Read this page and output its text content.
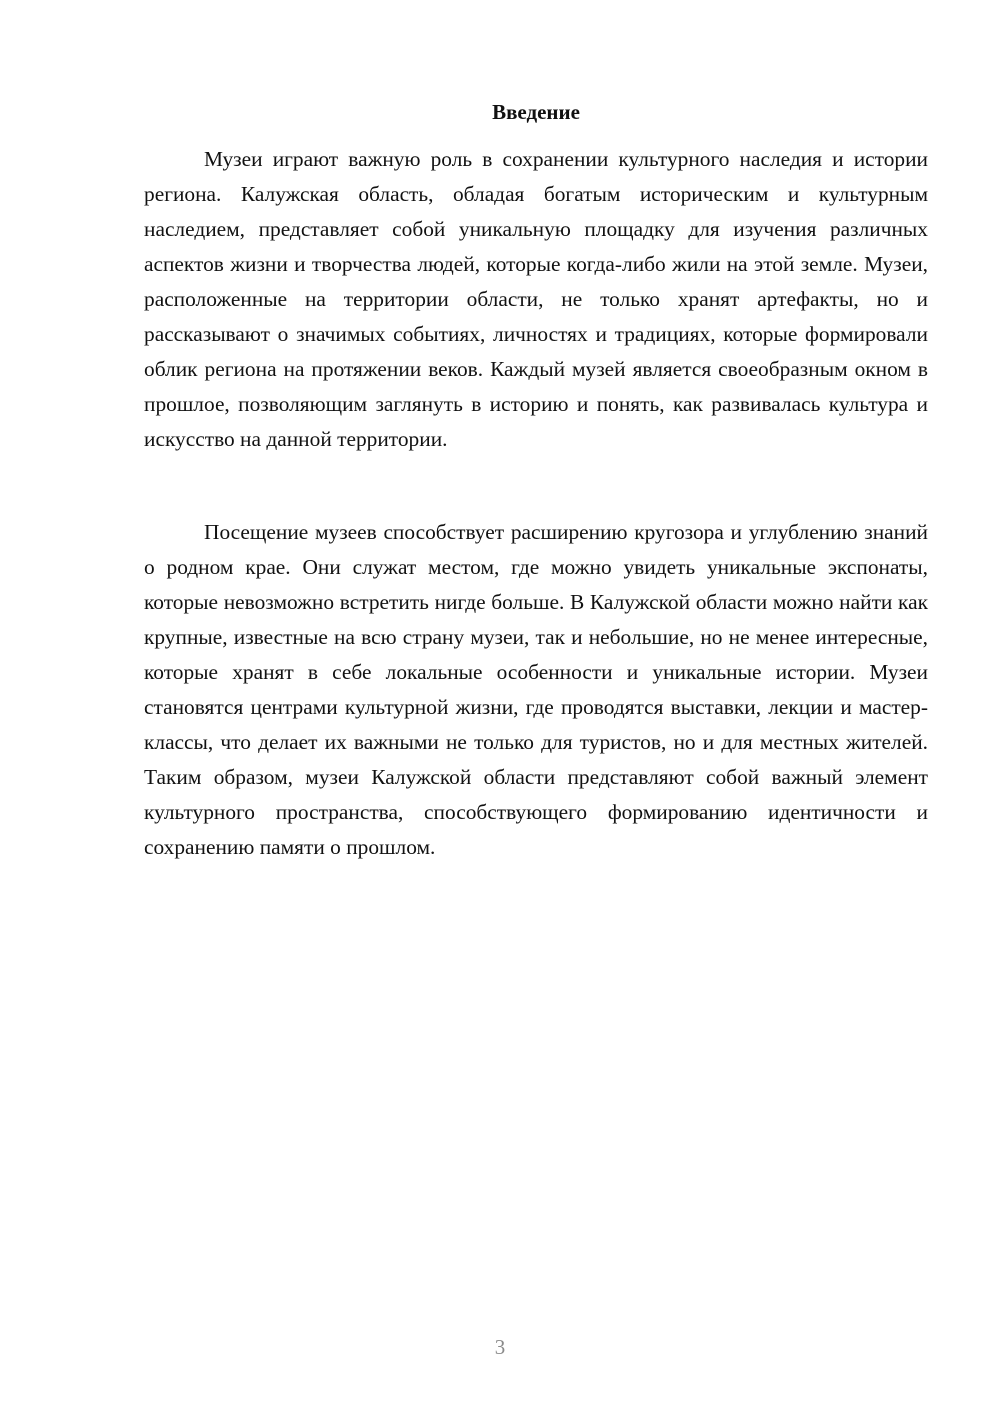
Введение

Музеи играют важную роль в сохранении культурного наследия и истории региона. Калужская область, обладая богатым историческим и культурным наследием, представляет собой уникальную площадку для изучения различных аспектов жизни и творчества людей, которые когда-либо жили на этой земле. Музеи, расположенные на территории области, не только хранят артефакты, но и рассказывают о значимых событиях, личностях и традициях, которые формировали облик региона на протяжении веков. Каждый музей является своеобразным окном в прошлое, позволяющим заглянуть в историю и понять, как развивалась культура и искусство на данной территории.

Посещение музеев способствует расширению кругозора и углублению знаний о родном крае. Они служат местом, где можно увидеть уникальные экспонаты, которые невозможно встретить нигде больше. В Калужской области можно найти как крупные, известные на всю страну музеи, так и небольшие, но не менее интересные, которые хранят в себе локальные особенности и уникальные истории. Музеи становятся центрами культурной жизни, где проводятся выставки, лекции и мастер-классы, что делает их важными не только для туристов, но и для местных жителей. Таким образом, музеи Калужской области представляют собой важный элемент культурного пространства, способствующего формированию идентичности и сохранению памяти о прошлом.

3
